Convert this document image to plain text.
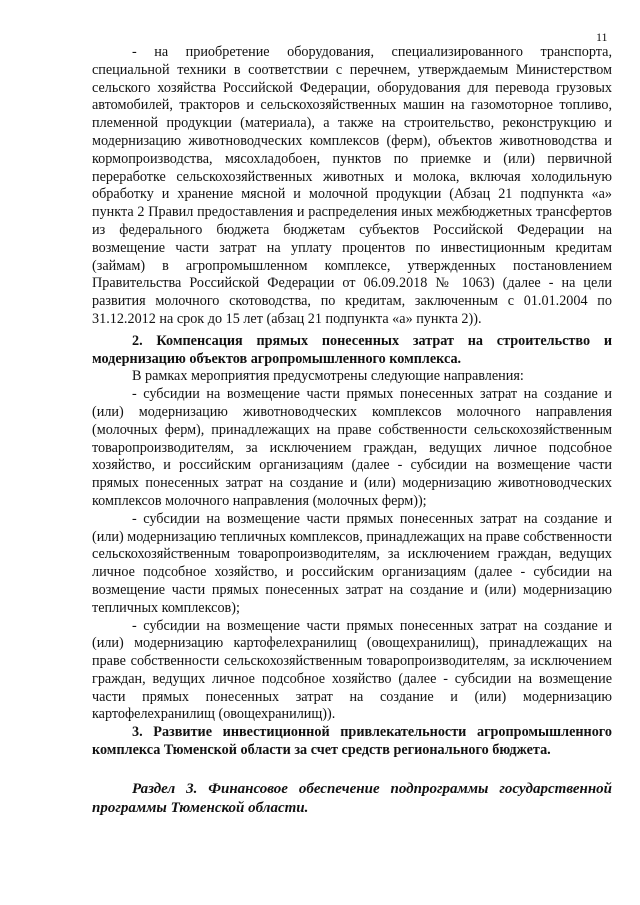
11

- на приобретение оборудования, специализированного транспорта, специальной техники в соответствии с перечнем, утверждаемым Министерством сельского хозяйства Российской Федерации, оборудования для перевода грузовых автомобилей, тракторов и сельскохозяйственных машин на газомоторное топливо, племенной продукции (материала), а также на строительство, реконструкцию и модернизацию животноводческих комплексов (ферм), объектов животноводства и кормопроизводства, мясохладобоен, пунктов по приемке и (или) первичной переработке сельскохозяйственных животных и молока, включая холодильную обработку и хранение мясной и молочной продукции (Абзац 21 подпункта «а» пункта 2 Правил предоставления и распределения иных межбюджетных трансфертов из федерального бюджета бюджетам субъектов Российской Федерации на возмещение части затрат на уплату процентов по инвестиционным кредитам (займам) в агропромышленном комплексе, утвержденных постановлением Правительства Российской Федерации от 06.09.2018 № 1063) (далее - на цели развития молочного скотоводства, по кредитам, заключенным с 01.01.2004 по 31.12.2012 на срок до 15 лет (абзац 21 подпункта «а» пункта 2)).

2. Компенсация прямых понесенных затрат на строительство и модернизацию объектов агропромышленного комплекса.

В рамках мероприятия предусмотрены следующие направления:

- субсидии на возмещение части прямых понесенных затрат на создание и (или) модернизацию животноводческих комплексов молочного направления (молочных ферм), принадлежащих на праве собственности сельскохозяйственным товаропроизводителям, за исключением граждан, ведущих личное подсобное хозяйство, и российским организациям (далее - субсидии на возмещение части прямых понесенных затрат на создание и (или) модернизацию животноводческих комплексов молочного направления (молочных ферм));

- субсидии на возмещение части прямых понесенных затрат на создание и (или) модернизацию тепличных комплексов, принадлежащих на праве собственности сельскохозяйственным товаропроизводителям, за исключением граждан, ведущих личное подсобное хозяйство, и российским организациям (далее - субсидии на возмещение части прямых понесенных затрат на создание и (или) модернизацию тепличных комплексов);

- субсидии на возмещение части прямых понесенных затрат на создание и (или) модернизацию картофелехранилищ (овощехранилищ), принадлежащих на праве собственности сельскохозяйственным товаропроизводителям, за исключением граждан, ведущих личное подсобное хозяйство (далее - субсидии на возмещение части прямых понесенных затрат на создание и (или) модернизацию картофелехранилищ (овощехранилищ)).

3. Развитие инвестиционной привлекательности агропромышленного комплекса Тюменской области за счет средств регионального бюджета.

Раздел 3. Финансовое обеспечение подпрограммы государственной программы Тюменской области.
